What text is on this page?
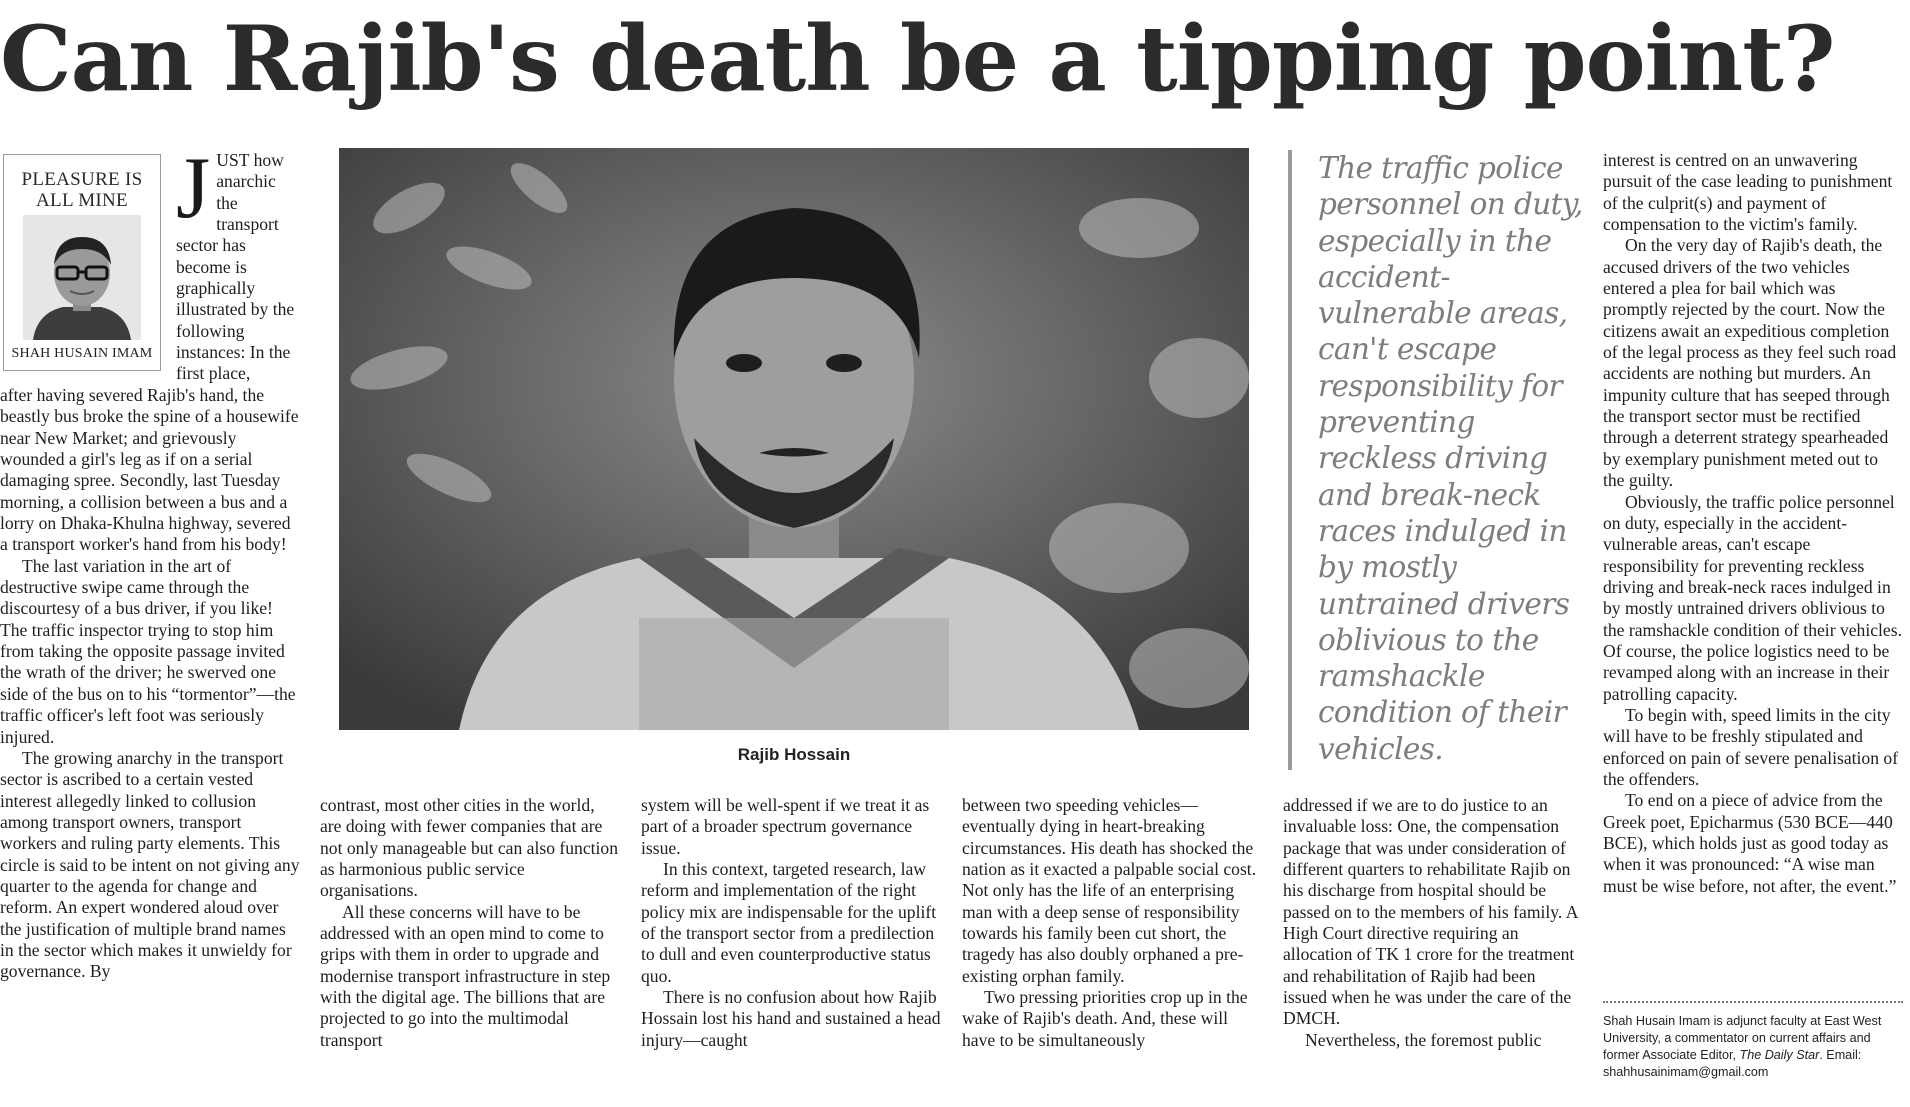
Can Rajib's death be a tipping point?
PLEASURE IS
ALL MINE
SHAH HUSAIN IMAM
JUST how anarchic the transport sector has become is graphically illustrated by the following instances: In the first place,

after having severed Rajib's hand, the beastly bus broke the spine of a housewife near New Market; and grievously wounded a girl's leg as if on a serial damaging spree. Secondly, last Tuesday morning, a collision between a bus and a lorry on Dhaka-Khulna highway, severed a transport worker's hand from his body!

The last variation in the art of destructive swipe came through the discourtesy of a bus driver, if you like! The traffic inspector trying to stop him from taking the opposite passage invited the wrath of the driver; he swerved one side of the bus on to his “tormentor”—the traffic officer's left foot was seriously injured.

The growing anarchy in the transport sector is ascribed to a certain vested interest allegedly linked to collusion among transport owners, transport workers and ruling party elements. This circle is said to be intent on not giving any quarter to the agenda for change and reform. An expert wondered aloud over the justification of multiple brand names in the sector which makes it unwieldy for governance. By

Rajib Hossain
The traffic police personnel on duty, especially in the accident-vulnerable areas, can't escape responsibility for preventing reckless driving and break-neck races indulged in by mostly untrained drivers oblivious to the ramshackle condition of their vehicles.

contrast, most other cities in the world, are doing with fewer companies that are not only manageable but can also function as harmonious public service organisations.

All these concerns will have to be addressed with an open mind to come to grips with them in order to upgrade and modernise transport infrastructure in step with the digital age. The billions that are projected to go into the multimodal transport

system will be well-spent if we treat it as part of a broader spectrum governance issue.

In this context, targeted research, law reform and implementation of the right policy mix are indispensable for the uplift of the transport sector from a predilection to dull and even counterproductive status quo.

There is no confusion about how Rajib Hossain lost his hand and sustained a head injury—caught

between two speeding vehicles—eventually dying in heart-breaking circumstances. His death has shocked the nation as it exacted a palpable social cost. Not only has the life of an enterprising man with a deep sense of responsibility towards his family been cut short, the tragedy has also doubly orphaned a pre-existing orphan family.

Two pressing priorities crop up in the wake of Rajib's death. And, these will have to be simultaneously

addressed if we are to do justice to an invaluable loss: One, the compensation package that was under consideration of different quarters to rehabilitate Rajib on his discharge from hospital should be passed on to the members of his family. A High Court directive requiring an allocation of TK 1 crore for the treatment and rehabilitation of Rajib had been issued when he was under the care of the DMCH.

Nevertheless, the foremost public

interest is centred on an unwavering pursuit of the case leading to punishment of the culprit(s) and payment of compensation to the victim's family.

On the very day of Rajib's death, the accused drivers of the two vehicles entered a plea for bail which was promptly rejected by the court. Now the citizens await an expeditious completion of the legal process as they feel such road accidents are nothing but murders. An impunity culture that has seeped through the transport sector must be rectified through a deterrent strategy spearheaded by exemplary punishment meted out to the guilty.

Obviously, the traffic police personnel on duty, especially in the accident-vulnerable areas, can't escape responsibility for preventing reckless driving and break-neck races indulged in by mostly untrained drivers oblivious to the ramshackle condition of their vehicles. Of course, the police logistics need to be revamped along with an increase in their patrolling capacity.

To begin with, speed limits in the city will have to be freshly stipulated and enforced on pain of severe penalisation of the offenders.

To end on a piece of advice from the Greek poet, Epicharmus (530 BCE—440 BCE), which holds just as good today as when it was pronounced: “A wise man must be wise before, not after, the event.”

Shah Husain Imam is adjunct faculty at East West University, a commentator on current affairs and former Associate Editor, The Daily Star. Email: shahhusainimam@gmail.com
